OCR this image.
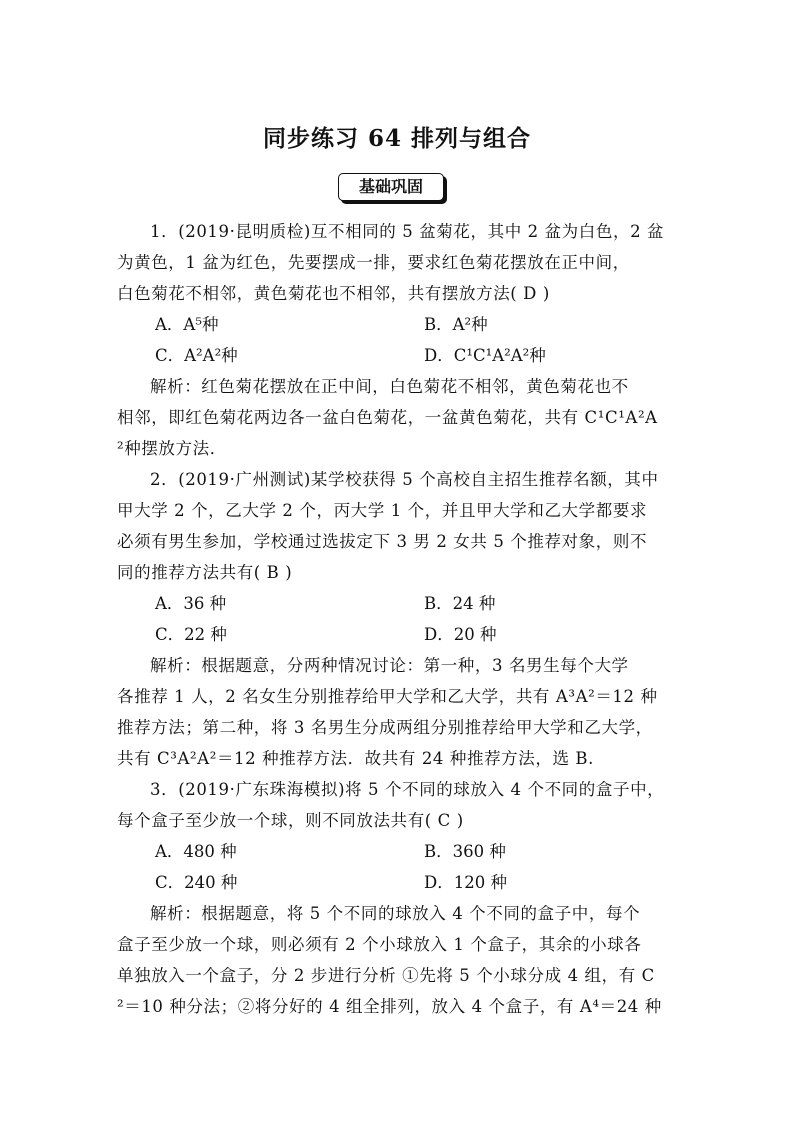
同步练习 64 排列与组合
基础巩固
1．(2019·昆明质检)互不相同的 5 盆菊花，其中 2 盆为白色，2 盆
为黄色，1 盆为红色，先要摆成一排，要求红色菊花摆放在正中间，
白色菊花不相邻，黄色菊花也不相邻，共有摆放方法( D )
A．A⁵种	B．A²种
C．A²A²种	D．C¹C¹A²A²种
解析：红色菊花摆放在正中间，白色菊花不相邻，黄色菊花也不
相邻，即红色菊花两边各一盆白色菊花，一盆黄色菊花，共有 C¹C¹A²A
²种摆放方法．
2．(2019·广州测试)某学校获得 5 个高校自主招生推荐名额，其中
甲大学 2 个，乙大学 2 个，丙大学 1 个，并且甲大学和乙大学都要求
必须有男生参加，学校通过选拔定下 3 男 2 女共 5 个推荐对象，则不
同的推荐方法共有( B )
A．36 种	B．24 种
C．22 种	D．20 种
解析：根据题意，分两种情况讨论：第一种，3 名男生每个大学
各推荐 1 人，2 名女生分别推荐给甲大学和乙大学，共有 A³A²＝12 种
推荐方法；第二种，将 3 名男生分成两组分别推荐给甲大学和乙大学，
共有 C³A²A²＝12 种推荐方法．故共有 24 种推荐方法，选 B.
3．(2019·广东珠海模拟)将 5 个不同的球放入 4 个不同的盒子中，
每个盒子至少放一个球，则不同放法共有( C )
A．480 种	B．360 种
C．240 种	D．120 种
解析：根据题意，将 5 个不同的球放入 4 个不同的盒子中，每个
盒子至少放一个球，则必须有 2 个小球放入 1 个盒子，其余的小球各
单独放入一个盒子，分 2 步进行分析 ①先将 5 个小球分成 4 组，有 C
²＝10 种分法；②将分好的 4 组全排列，放入 4 个盒子，有 A⁴＝24 种
